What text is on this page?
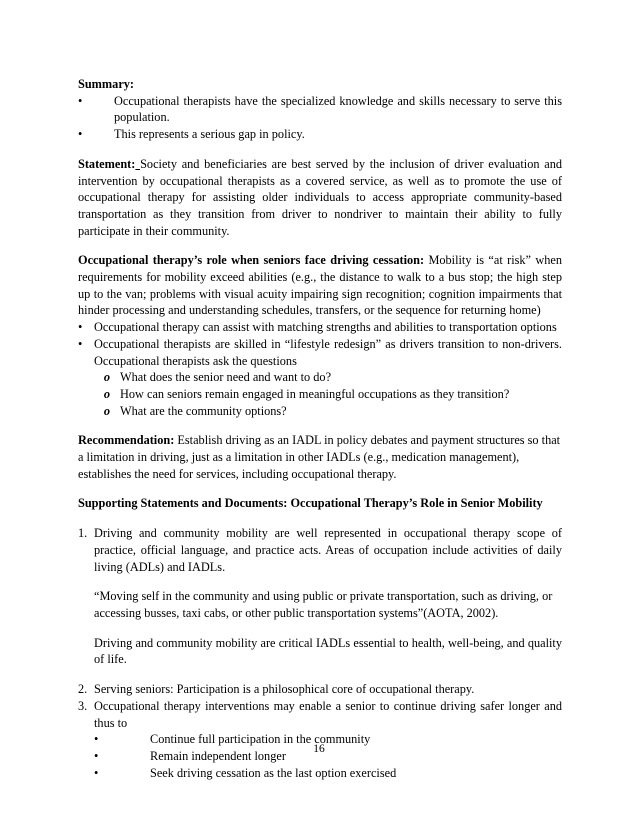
Summary:

•	Occupational therapists have the specialized knowledge and skills necessary to serve this population.
•	This represents a serious gap in policy.

Statement: Society and beneficiaries are best served by the inclusion of driver evaluation and intervention by occupational therapists as a covered service, as well as to promote the use of occupational therapy for assisting older individuals to access appropriate community-based transportation as they transition from driver to nondriver to maintain their ability to fully participate in their community.

Occupational therapy’s role when seniors face driving cessation: Mobility is “at risk” when requirements for mobility exceed abilities (e.g., the distance to walk to a bus stop; the high step up to the van; problems with visual acuity impairing sign recognition; cognition impairments that hinder processing and understanding schedules, transfers, or the sequence for returning home)

• Occupational therapy can assist with matching strengths and abilities to transportation options
• Occupational therapists are skilled in “lifestyle redesign” as drivers transition to non-drivers. Occupational therapists ask the questions
o What does the senior need and want to do?
o How can seniors remain engaged in meaningful occupations as they transition?
o What are the community options?

Recommendation: Establish driving as an IADL in policy debates and payment structures so that a limitation in driving, just as a limitation in other IADLs (e.g., medication management), establishes the need for services, including occupational therapy.

Supporting Statements and Documents: Occupational Therapy’s Role in Senior Mobility

1. Driving and community mobility are well represented in occupational therapy scope of practice, official language, and practice acts. Areas of occupation include activities of daily living (ADLs) and IADLs.

“Moving self in the community and using public or private transportation, such as driving, or accessing busses, taxi cabs, or other public transportation systems”(AOTA, 2002).

Driving and community mobility are critical IADLs essential to health, well-being, and quality of life.

2. Serving seniors: Participation is a philosophical core of occupational therapy.
3. Occupational therapy interventions may enable a senior to continue driving safer longer and thus to
•	Continue full participation in the community
•	Remain independent longer
•	Seek driving cessation as the last option exercised
16
